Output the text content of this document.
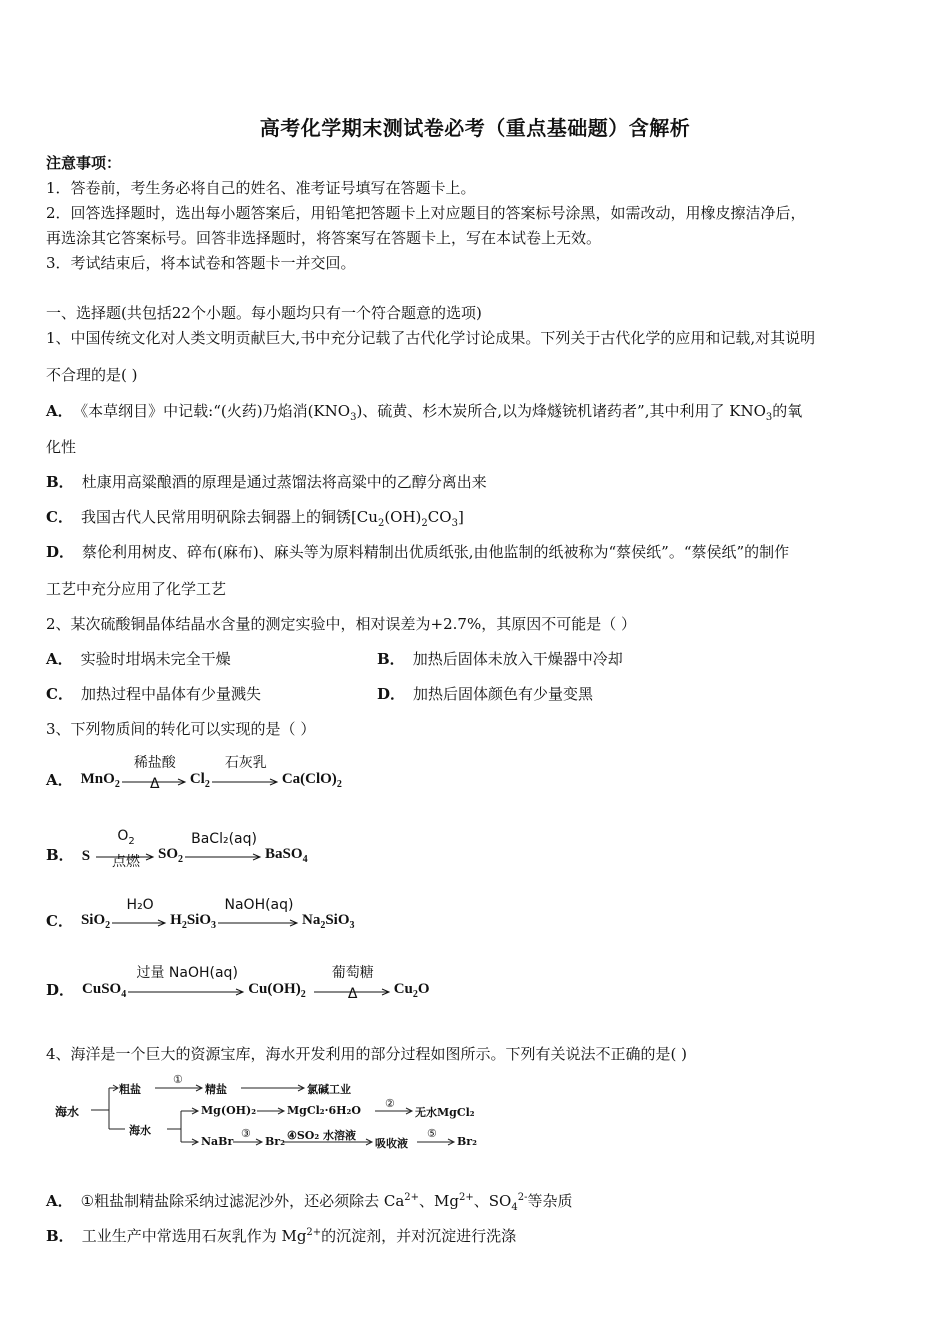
高考化学期末测试卷必考（重点基础题）含解析
注意事项：
1．答卷前，考生务必将自己的姓名、准考证号填写在答题卡上。
2．回答选择题时，选出每小题答案后，用铅笔把答题卡上对应题目的答案标号涂黑，如需改动，用橡皮擦洁净后，
再选涂其它答案标号。回答非选择题时，将答案写在答题卡上，写在本试卷上无效。
3．考试结束后，将本试卷和答题卡一并交回。
一、选择题(共包括22个小题。每小题均只有一个符合题意的选项)
1、中国传统文化对人类文明贡献巨大,书中充分记载了古代化学讨论成果。下列关于古代化学的应用和记载,对其说明
不合理的是( )
A． 《本草纲目》中记载:“(火药)乃焰消$(KNO_3)$、硫黄、杉木炭所合,以为烽燧铳机诸药者”,其中利用了 $KNO_3$的氧
化性
B． 杜康用高粱酿酒的原理是通过蒸馏法将高粱中的乙醇分离出来
C． 我国古代人民常用明矾除去铜器上的铜锈$[Cu_2(OH)_2CO_3]$
D． 蔡伦利用树皮、碎布(麻布)、麻头等为原料精制出优质纸张,由他监制的纸被称为“蔡侯纸”。“蔡侯纸”的制作
工艺中充分应用了化学工艺
2、某次硫酸铜晶体结晶水含量的测定实验中，相对误差为+2.7%，其原因不可能是（ ）
A． 实验时坩埚未完全干燥	B． 加热后固体未放入干燥器中冷却
C． 加热过程中晶体有少量溅失	D． 加热后固体颜色有少量变黑
3、下列物质间的转化可以实现的是（ ）
A． MnO$_2$
稀盐酸
Δ	$Cl_2$
石灰乳
$Ca(ClO)_2$
B． S
$O_2$
点燃	$SO_2$
BaCl₂(aq)
BaSO$_4$
C． SiO$_2$
H₂O
$H_2SiO_3$
NaOH(aq)
$Na_2SiO_3$
D． CuSO$_4$
过量 NaOH(aq)
$Cu(OH)_2$
葡萄糖
Δ	$Cu_2O$
4、海洋是一个巨大的资源宝库，海水开发利用的部分过程如图所示。下列有关说法不正确的是( )
海水
粗盐
①
精盐	氯碱工业
海水
Mg(OH)₂	MgCl₂·6H₂O
②
无水MgCl₂
NaBr
③
Br₂ ④SO₂ 水溶液
吸收液
⑤
Br₂
A． ①粗盐制精盐除采纳过滤泥沙外，还必须除去 $Ca^{2+}$、$Mg^{2+}$、$SO_4^{2-}$等杂质
B． 工业生产中常选用石灰乳作为 $Mg^{2+}$的沉淀剂，并对沉淀进行洗涤
